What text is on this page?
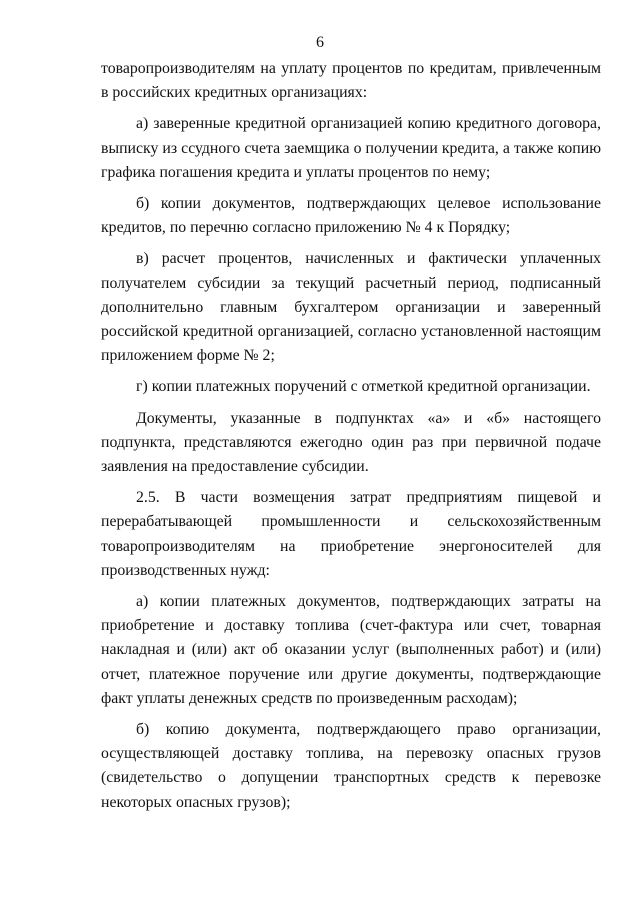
6

товаропроизводителям на уплату процентов по кредитам, привлеченным в российских кредитных организациях:

а) заверенные кредитной организацией копию кредитного договора, выписку из ссудного счета заемщика о получении кредита, а также копию графика погашения кредита и уплаты процентов по нему;

б) копии документов, подтверждающих целевое использование кредитов, по перечню согласно приложению № 4 к Порядку;

в) расчет процентов, начисленных и фактически уплаченных получателем субсидии за текущий расчетный период, подписанный дополнительно главным бухгалтером организации и заверенный российской кредитной организацией, согласно установленной настоящим приложением форме № 2;

г) копии платежных поручений с отметкой кредитной организации.

Документы, указанные в подпунктах «а» и «б» настоящего подпункта, представляются ежегодно один раз при первичной подаче заявления на предоставление субсидии.

2.5. В части возмещения затрат предприятиям пищевой и перерабатывающей промышленности и сельскохозяйственным товаропроизводителям на приобретение энергоносителей для производственных нужд:

а) копии платежных документов, подтверждающих затраты на приобретение и доставку топлива (счет-фактура или счет, товарная накладная и (или) акт об оказании услуг (выполненных работ) и (или) отчет, платежное поручение или другие документы, подтверждающие факт уплаты денежных средств по произведенным расходам);

б) копию документа, подтверждающего право организации, осуществляющей доставку топлива, на перевозку опасных грузов (свидетельство о допущении транспортных средств к перевозке некоторых опасных грузов);
